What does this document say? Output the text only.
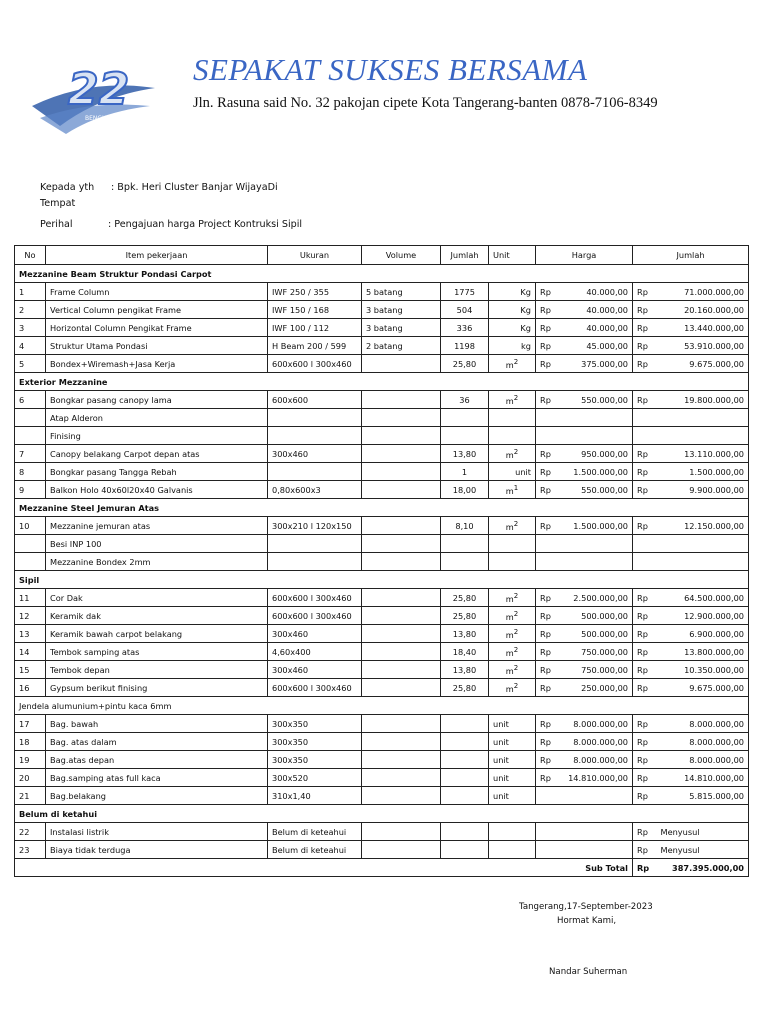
22
BENGKEL LAS
SEPAKAT SUKSES BERSAMA
Jln. Rasuna said No. 32 pakojan cipete Kota Tangerang-banten 0878-7106-8349
Kepada yth : Bpk. Heri Cluster Banjar WijayaDi
Tempat
Perihal	: Pengajuan harga Project Kontruksi Sipil
No	Item pekerjaan	Ukuran	Volume	Jumlah	Unit	Harga		Jumlah	
Mezzanine Beam Struktur Pondasi Carpot									
1	Frame Column	IWF 250 / 355	5 batang	1775	Kg	Rp	40.000,00	Rp	71.000.000,00
2	Vertical Column pengikat Frame	IWF 150 / 168	3 batang	504	Kg	Rp	40.000,00	Rp	20.160.000,00
3	Horizontal Column Pengikat Frame	IWF 100 / 112	3 batang	336	Kg	Rp	40.000,00	Rp	13.440.000,00
4	Struktur Utama Pondasi	H Beam 200 / 599	2 batang	1198	kg	Rp	45.000,00	Rp	53.910.000,00
5	Bondex+Wiremash+Jasa Kerja	600x600 l 300x460		25,80	m2	Rp	375.000,00	Rp	9.675.000,00
Exterior Mezzanine									
6	Bongkar pasang canopy lama	600x600		36	m2	Rp	550.000,00	Rp	19.800.000,00
	Atap Alderon								
	Finising								
7	Canopy belakang Carpot depan atas	300x460		13,80	m2	Rp	950.000,00	Rp	13.110.000,00
8	Bongkar pasang Tangga Rebah			1	unit	Rp	1.500.000,00	Rp	1.500.000,00
9	Balkon Holo 40x60l20x40 Galvanis	0,80x600x3		18,00	m1	Rp	550.000,00	Rp	9.900.000,00
Mezzanine Steel Jemuran Atas									
10	Mezzanine jemuran atas	300x210 l 120x150		8,10	m2	Rp	1.500.000,00	Rp	12.150.000,00
	Besi INP 100								
	Mezzanine Bondex 2mm								
Sipil									
11	Cor Dak	600x600 l 300x460		25,80	m2	Rp	2.500.000,00	Rp	64.500.000,00
12	Keramik dak	600x600 l 300x460		25,80	m2	Rp	500.000,00	Rp	12.900.000,00
13	Keramik bawah carpot belakang	300x460		13,80	m2	Rp	500.000,00	Rp	6.900.000,00
14	Tembok samping atas	4,60x400		18,40	m2	Rp	750.000,00	Rp	13.800.000,00
15	Tembok depan	300x460		13,80	m2	Rp	750.000,00	Rp	10.350.000,00
16	Gypsum berikut finising	600x600 l 300x460		25,80	m2	Rp	250.000,00	Rp	9.675.000,00
Jendela alumunium+pintu kaca 6mm									
17	Bag. bawah	300x350			unit	Rp	8.000.000,00	Rp	8.000.000,00
18	Bag. atas dalam	300x350			unit	Rp	8.000.000,00	Rp	8.000.000,00
19	Bag.atas depan	300x350			unit	Rp	8.000.000,00	Rp	8.000.000,00
20	Bag.samping atas full kaca	300x520			unit	Rp	14.810.000,00	Rp	14.810.000,00
21	Bag.belakang	310x1,40			unit			Rp	5.815.000,00
Belum di ketahui									
22	Instalasi listrik	Belum di keteahui						Rp	Menyusul
23	Biaya tidak terduga	Belum di keteahui						Rp	Menyusul
Sub Total								Rp	387.395.000,00
Tangerang,17-September-2023
Hormat Kami,
Nandar Suherman
